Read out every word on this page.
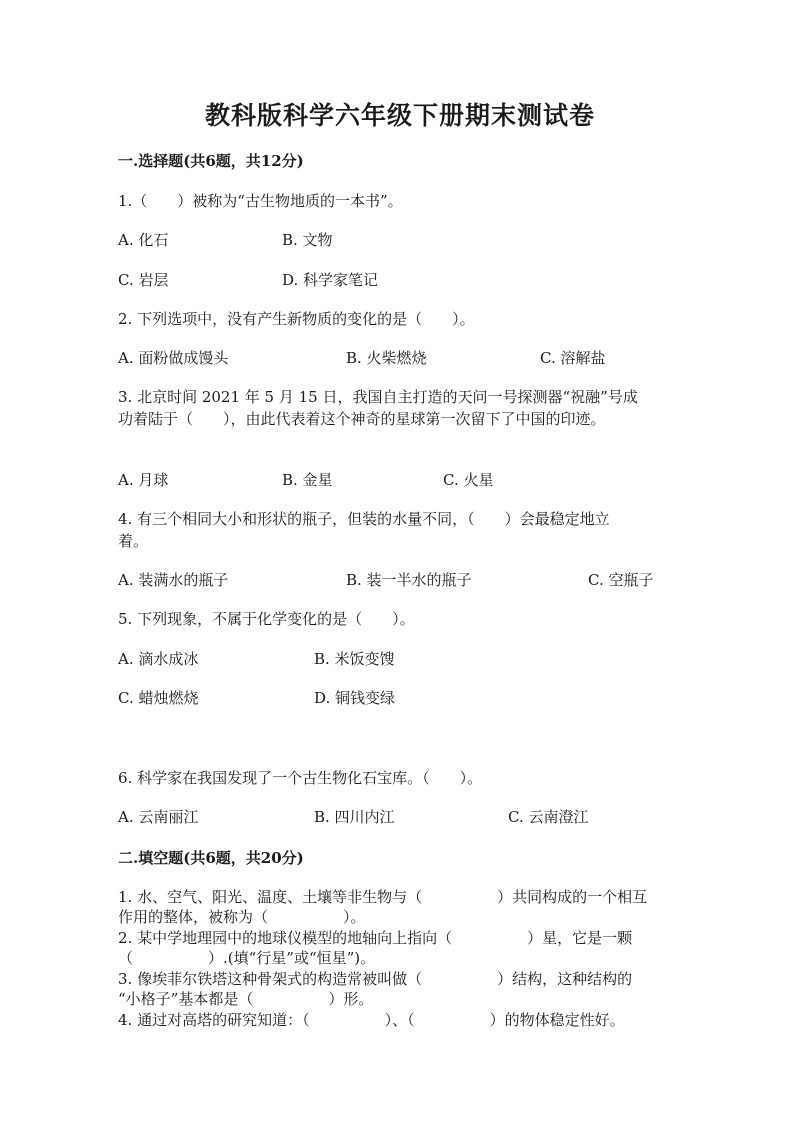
教科版科学六年级下册期末测试卷
一.选择题(共6题，共12分)
1.（　　）被称为“古生物地质的一本书”。
A. 化石	B. 文物
C. 岩层	D. 科学家笔记
2. 下列选项中，没有产生新物质的变化的是（　　）。
A. 面粉做成馒头	B. 火柴燃烧	C. 溶解盐
3. 北京时间 2021 年 5 月 15 日，我国自主打造的天问一号探测器“祝融”号成
功着陆于（　　），由此代表着这个神奇的星球第一次留下了中国的印迹。
A. 月球	B. 金星	C. 火星
4. 有三个相同大小和形状的瓶子，但装的水量不同，（　　）会最稳定地立
着。
A. 装满水的瓶子	B. 装一半水的瓶子	C. 空瓶子
5. 下列现象，不属于化学变化的是（　　）。
A. 滴水成冰	B. 米饭变馊
C. 蜡烛燃烧	D. 铜钱变绿
6. 科学家在我国发现了一个古生物化石宝库。（　　）。
A. 云南丽江	B. 四川内江	C. 云南澄江
二.填空题(共6题，共20分)
1. 水、空气、阳光、温度、土壤等非生物与（　　　　　）共同构成的一个相互
作用的整体，被称为（　　　　　）。
2. 某中学地理园中的地球仪模型的地轴向上指向（　　　　　）星，它是一颗
（　　　　　）.(填“行星”或“恒星”)。
3. 像埃菲尔铁塔这种骨架式的构造常被叫做（　　　　　）结构，这种结构的
“小格子”基本都是（　　　　　）形。
4. 通过对高塔的研究知道：（　　　　　）、（　　　　　）的物体稳定性好。
